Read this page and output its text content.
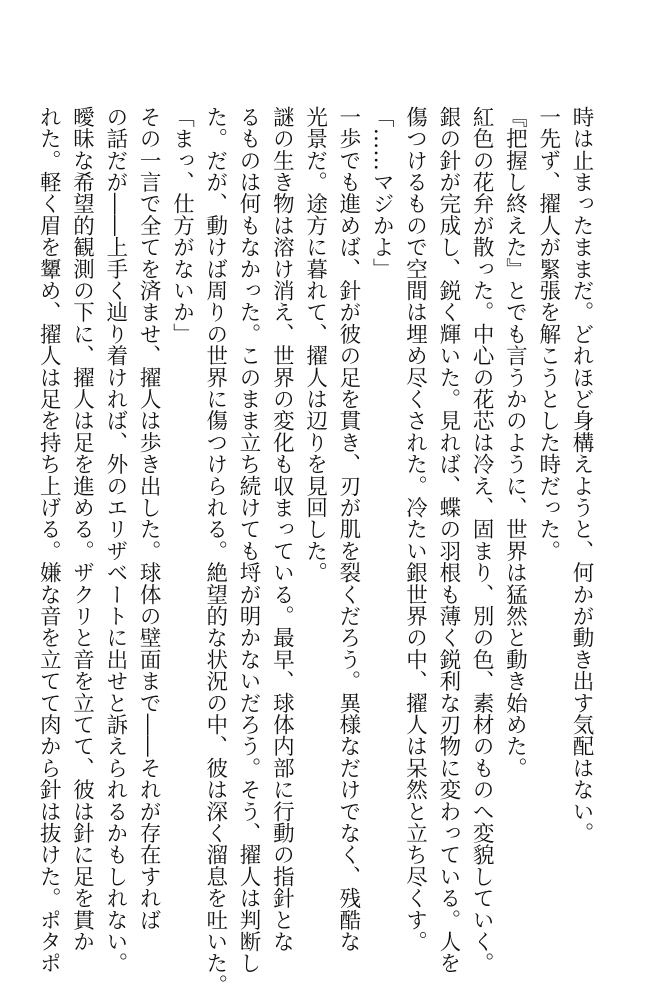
時は止まったままだ。どれほど身構えようと、何かが動き出す気配はない。
一先ず、擢人が緊張を解こうとした時だった。
『把握し終えた』とでも言うかのように、世界は猛然と動き始めた。
紅色の花弁が散った。中心の花芯は冷え、固まり、別の色、素材のものへ変貌していく。
銀の針が完成し、鋭く輝いた。見れば、蝶の羽根も薄く鋭利な刃物に変わっている。人を
傷つけるもので空間は埋め尽くされた。冷たい銀世界の中、擢人は呆然と立ち尽くす。
「……マジかよ」
一歩でも進めば、針が彼の足を貫き、刃が肌を裂くだろう。異様なだけでなく、残酷な
光景だ。途方に暮れて、擢人は辺りを見回した。
謎の生き物は溶け消え、世界の変化も収まっている。最早、球体内部に行動の指針とな
るものは何もなかった。このまま立ち続けても埒が明かないだろう。そう、擢人は判断し
た。だが、動けば周りの世界に傷つけられる。絶望的な状況の中、彼は深く溜息を吐いた。
「まっ、仕方がないか」
その一言で全てを済ませ、擢人は歩き出した。球体の壁面まで――それが存在すれば
の話だが――上手く辿り着ければ、外のエリザベートに出せと訴えられるかもしれない。
曖昧な希望的観測の下に、擢人は足を進める。ザクリと音を立てて、彼は針に足を貫か
れた。軽く眉を顰め、擢人は足を持ち上げる。嫌な音を立てて肉から針は抜けた。ポタポ
